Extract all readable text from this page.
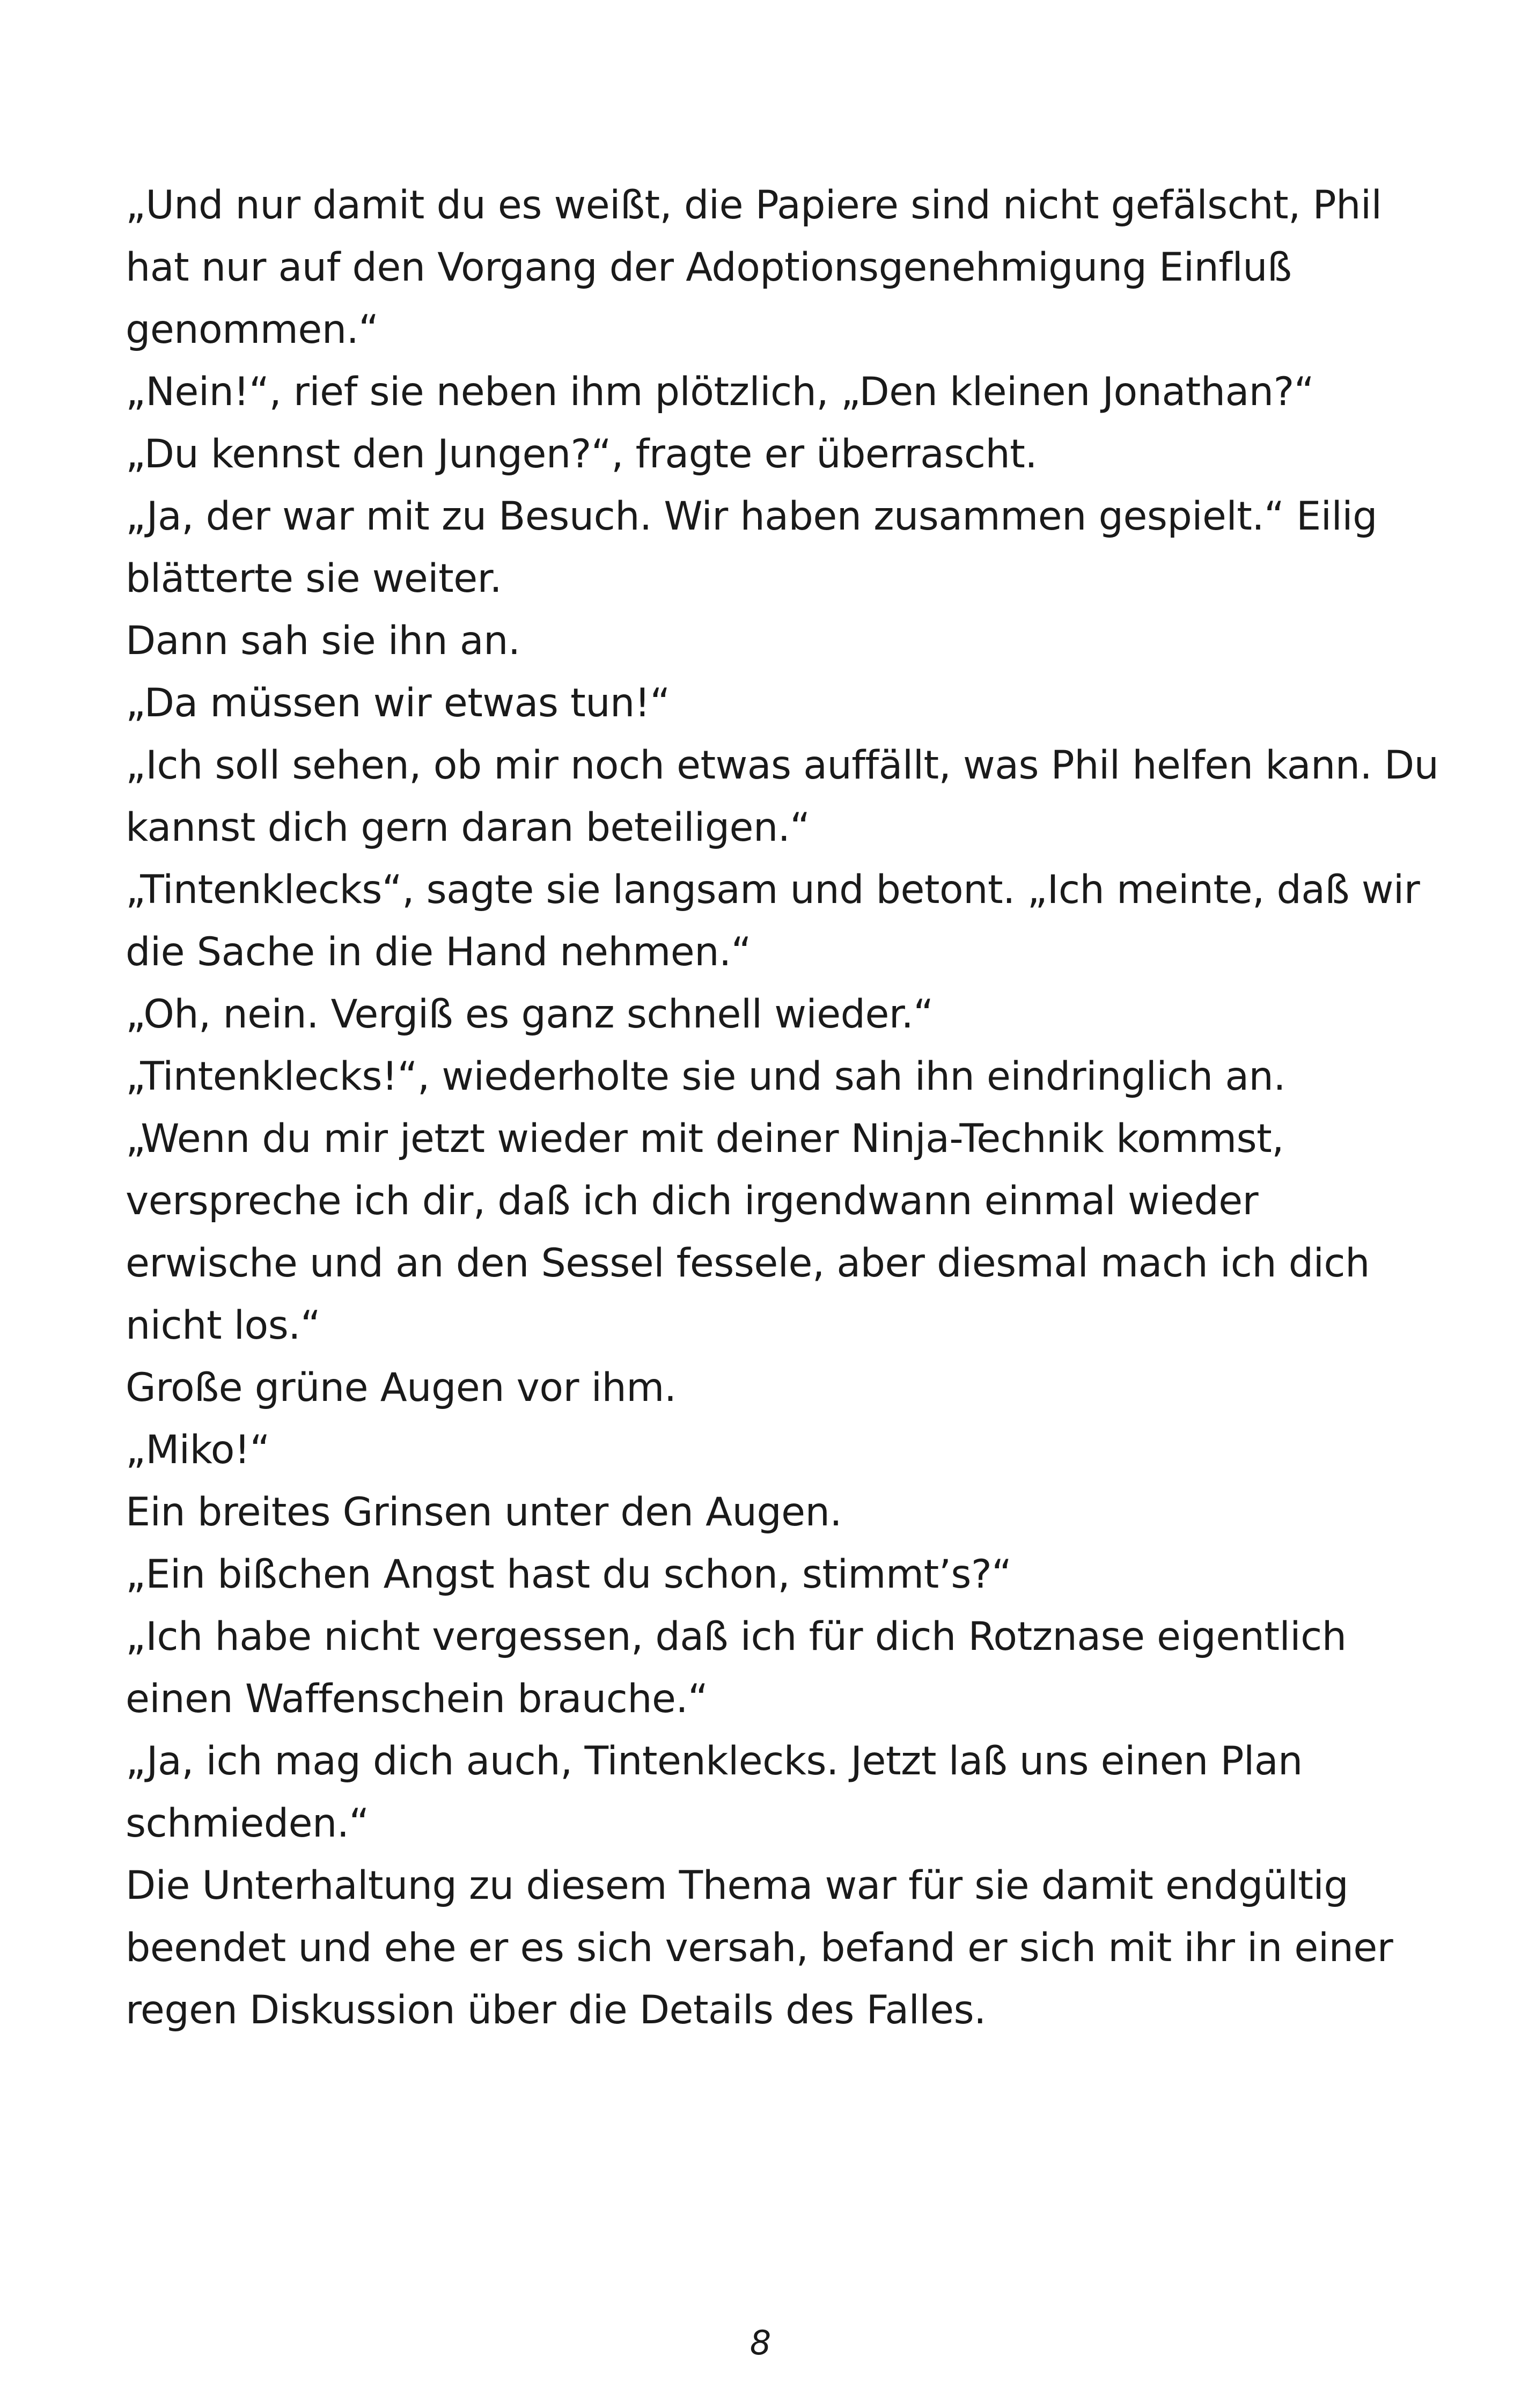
„Und nur damit du es weißt, die Papiere sind nicht gefälscht, Phil
hat nur auf den Vorgang der Adoptionsgenehmigung Einfluß
genommen.“
„Nein!“, rief sie neben ihm plötzlich, „Den kleinen Jonathan?“
„Du kennst den Jungen?“, fragte er überrascht.
„Ja, der war mit zu Besuch. Wir haben zusammen gespielt.“ Eilig
blätterte sie weiter.
Dann sah sie ihn an.
„Da müssen wir etwas tun!“
„Ich soll sehen, ob mir noch etwas auffällt, was Phil helfen kann. Du
kannst dich gern daran beteiligen.“
„Tintenklecks“, sagte sie langsam und betont. „Ich meinte, daß wir
die Sache in die Hand nehmen.“
„Oh, nein. Vergiß es ganz schnell wieder.“
„Tintenklecks!“, wiederholte sie und sah ihn eindringlich an.
„Wenn du mir jetzt wieder mit deiner Ninja-Technik kommst,
verspreche ich dir, daß ich dich irgendwann einmal wieder
erwische und an den Sessel fessele, aber diesmal mach ich dich
nicht los.“
Große grüne Augen vor ihm.
„Miko!“
Ein breites Grinsen unter den Augen.
„Ein bißchen Angst hast du schon, stimmt’s?“
„Ich habe nicht vergessen, daß ich für dich Rotznase eigentlich
einen Waffenschein brauche.“
„Ja, ich mag dich auch, Tintenklecks. Jetzt laß uns einen Plan
schmieden.“
Die Unterhaltung zu diesem Thema war für sie damit endgültig
beendet und ehe er es sich versah, befand er sich mit ihr in einer
regen Diskussion über die Details des Falles.
8
